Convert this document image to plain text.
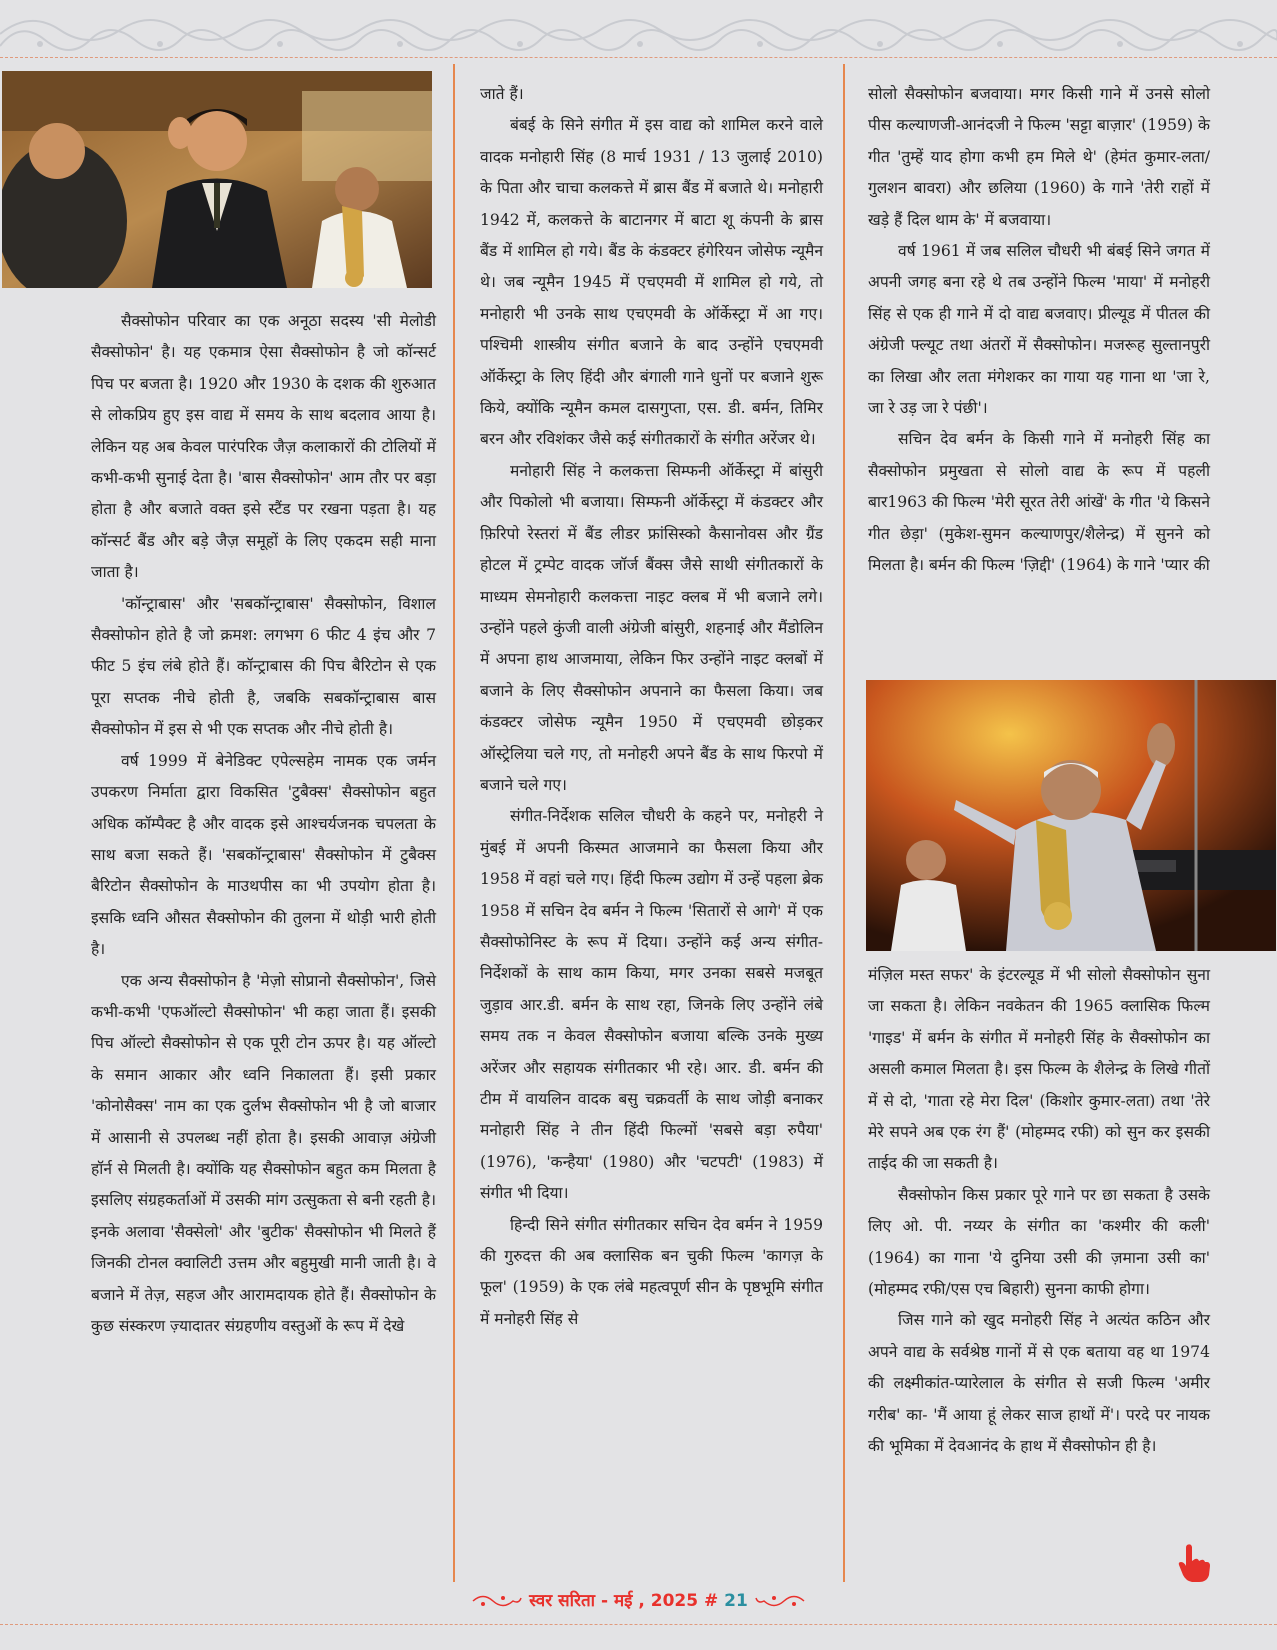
सैक्सोफोन परिवार का एक अनूठा सदस्य 'सी मेलोडी सैक्सोफोन' है। यह एकमात्र ऐसा सैक्सोफोन है जो कॉन्सर्ट पिच पर बजता है। 1920 और 1930 के दशक की शुरुआत से लोकप्रिय हुए इस वाद्य में समय के साथ बदलाव आया है। लेकिन यह अब केवल पारंपरिक जैज़ कलाकारों की टोलियों में कभी-कभी सुनाई देता है। 'बास सैक्सोफोन' आम तौर पर बड़ा होता है और बजाते वक्त इसे स्टैंड पर रखना पड़ता है। यह कॉन्सर्ट बैंड और बड़े जैज़ समूहों के लिए एकदम सही माना जाता है।

'कॉन्ट्राबास' और 'सबकॉन्ट्राबास' सैक्सोफोन, विशाल सैक्सोफोन होते है जो क्रमश: लगभग 6 फीट 4 इंच और 7 फीट 5 इंच लंबे होते हैं। कॉन्ट्राबास की पिच बैरिटोन से एक पूरा सप्तक नीचे होती है, जबकि सबकॉन्ट्राबास बास सैक्सोफोन में इस से भी एक सप्तक और नीचे होती है।

वर्ष 1999 में बेनेडिक्ट एपेल्सहेम नामक एक जर्मन उपकरण निर्माता द्वारा विकसित 'टुबैक्स' सैक्सोफोन बहुत अधिक कॉम्पैक्ट है और वादक इसे आश्चर्यजनक चपलता के साथ बजा सकते हैं। 'सबकॉन्ट्राबास' सैक्सोफोन में टुबैक्स बैरिटोन सैक्सोफोन के माउथपीस का भी उपयोग होता है। इसकि ध्वनि औसत सैक्सोफोन की तुलना में थोड़ी भारी होती है।

एक अन्य सैक्सोफोन है 'मेज़ो सोप्रानो सैक्सोफोन', जिसे कभी-कभी 'एफऑल्टो सैक्सोफोन' भी कहा जाता हैं। इसकी पिच ऑल्टो सैक्सोफोन से एक पूरी टोन ऊपर है। यह ऑल्टो के समान आकार और ध्वनि निकालता हैं। इसी प्रकार 'कोनोसैक्स' नाम का एक दुर्लभ सैक्सोफोन भी है जो बाजार में आसानी से उपलब्ध नहीं होता है। इसकी आवाज़ अंग्रेजी हॉर्न से मिलती है। क्योंकि यह सैक्सोफोन बहुत कम मिलता है इसलिए संग्रहकर्ताओं में उसकी मांग उत्सुकता से बनी रहती है। इनके अलावा 'सैक्सेलो' और 'बुटीक' सैक्सोफोन भी मिलते हैं जिनकी टोनल क्वालिटी उत्तम और बहुमुखी मानी जाती है। वे बजाने में तेज़, सहज और आरामदायक होते हैं। सैक्सोफोन के कुछ संस्करण ज़्यादातर संग्रहणीय वस्तुओं के रूप में देखे

जाते हैं।

बंबई के सिने संगीत में इस वाद्य को शामिल करने वाले वादक मनोहारी सिंह (8 मार्च 1931 / 13 जुलाई 2010) के पिता और चाचा कलकत्ते में ब्रास बैंड में बजाते थे। मनोहारी 1942 में, कलकत्ते के बाटानगर में बाटा शू कंपनी के ब्रास बैंड में शामिल हो गये। बैंड के कंडक्टर हंगेरियन जोसेफ न्यूमैन थे। जब न्यूमैन 1945 में एचएमवी में शामिल हो गये, तो मनोहारी भी उनके साथ एचएमवी के ऑर्केस्ट्रा में आ गए। पश्चिमी शास्त्रीय संगीत बजाने के बाद उन्होंने एचएमवी ऑर्केस्ट्रा के लिए हिंदी और बंगाली गाने धुनों पर बजाने शुरू किये, क्योंकि न्यूमैन कमल दासगुप्ता, एस. डी. बर्मन, तिमिर बरन और रविशंकर जैसे कई संगीतकारों के संगीत अरेंजर थे।

मनोहारी सिंह ने कलकत्ता सिम्फनी ऑर्केस्ट्रा में बांसुरी और पिकोलो भी बजाया। सिम्फनी ऑर्केस्ट्रा में कंडक्टर और फ़िरिपो रेस्तरां में बैंड लीडर फ्रांसिस्को कैसानोवस और ग्रैंड होटल में ट्रम्पेट वादक जॉर्ज बैंक्स जैसे साथी संगीतकारों के माध्यम सेमनोहारी कलकत्ता नाइट क्लब में भी बजाने लगे। उन्होंने पहले कुंजी वाली अंग्रेजी बांसुरी, शहनाई और मैंडोलिन में अपना हाथ आजमाया, लेकिन फिर उन्होंने नाइट क्लबों में बजाने के लिए सैक्सोफोन अपनाने का फैसला किया। जब कंडक्टर जोसेफ न्यूमैन 1950 में एचएमवी छोड़कर ऑस्ट्रेलिया चले गए, तो मनोहरी अपने बैंड के साथ फिरपो में बजाने चले गए।

संगीत-निर्देशक सलिल चौधरी के कहने पर, मनोहरी ने मुंबई में अपनी किस्मत आजमाने का फैसला किया और 1958 में वहां चले गए। हिंदी फिल्म उद्योग में उन्हें पहला ब्रेक 1958 में सचिन देव बर्मन ने फिल्म 'सितारों से आगे' में एक सैक्सोफोनिस्ट के रूप में दिया। उन्होंने कई अन्य संगीत-निर्देशकों के साथ काम किया, मगर उनका सबसे मजबूत जुड़ाव आर.डी. बर्मन के साथ रहा, जिनके लिए उन्होंने लंबे समय तक न केवल सैक्सोफोन बजाया बल्कि उनके मुख्य अरेंजर और सहायक संगीतकार भी रहे। आर. डी. बर्मन की टीम में वायलिन वादक बसु चक्रवर्ती के साथ जोड़ी बनाकर मनोहारी सिंह ने तीन हिंदी फिल्मों 'सबसे बड़ा रुपैया' (1976), 'कन्हैया' (1980) और 'चटपटी' (1983) में संगीत भी दिया।

हिन्दी सिने संगीत संगीतकार सचिन देव बर्मन ने 1959 की गुरुदत्त की अब क्लासिक बन चुकी फिल्म 'कागज़ के फूल' (1959) के एक लंबे महत्वपूर्ण सीन के पृष्ठभूमि संगीत में मनोहरी सिंह से

सोलो सैक्सोफोन बजवाया। मगर किसी गाने में उनसे सोलो पीस कल्याणजी-आनंदजी ने फिल्म 'सट्टा बाज़ार' (1959) के गीत 'तुम्हें याद होगा कभी हम मिले थे' (हेमंत कुमार-लता/गुलशन बावरा) और छलिया (1960) के गाने 'तेरी राहों में खड़े हैं दिल थाम के' में बजवाया।

वर्ष 1961 में जब सलिल चौधरी भी बंबई सिने जगत में अपनी जगह बना रहे थे तब उन्होंने फिल्म 'माया' में मनोहरी सिंह से एक ही गाने में दो वाद्य बजवाए। प्रील्यूड में पीतल की अंग्रेजी फ्ल्यूट तथा अंतरों में सैक्सोफोन। मजरूह सुल्तानपुरी का लिखा और लता मंगेशकर का गाया यह गाना था 'जा रे, जा रे उड़ जा रे पंछी'।

सचिन देव बर्मन के किसी गाने में मनोहरी सिंह का सैक्सोफोन प्रमुखता से सोलो वाद्य के रूप में पहली बार1963 की फिल्म 'मेरी सूरत तेरी आंखें' के गीत 'ये किसने गीत छेड़ा' (मुकेश-सुमन कल्याणपुर/शैलेन्द्र) में सुनने को मिलता है। बर्मन की फिल्म 'ज़िद्दी' (1964) के गाने 'प्यार की

मंज़िल मस्त सफर' के इंटरल्यूड में भी सोलो सैक्सोफोन सुना जा सकता है। लेकिन नवकेतन की 1965 क्लासिक फिल्म 'गाइड' में बर्मन के संगीत में मनोहरी सिंह के सैक्सोफोन का असली कमाल मिलता है। इस फिल्म के शैलेन्द्र के लिखे गीतों में से दो, 'गाता रहे मेरा दिल' (किशोर कुमार-लता) तथा 'तेरे मेरे सपने अब एक रंग हैं' (मोहम्मद रफी) को सुन कर इसकी ताईद की जा सकती है।

सैक्सोफोन किस प्रकार पूरे गाने पर छा सकता है उसके लिए ओ. पी. नय्यर के संगीत का 'कश्मीर की कली' (1964) का गाना 'ये दुनिया उसी की ज़माना उसी का' (मोहम्मद रफी/एस एच बिहारी) सुनना काफी होगा।

जिस गाने को खुद मनोहरी सिंह ने अत्यंत कठिन और अपने वाद्य के सर्वश्रेष्ठ गानों में से एक बताया वह था 1974 की लक्ष्मीकांत-प्यारेलाल के संगीत से सजी फिल्म 'अमीर गरीब' का- 'मैं आया हूं लेकर साज हाथों में'। परदे पर नायक की भूमिका में देवआनंद के हाथ में सैक्सोफोन ही है।

स्वर सरिता - मई , 2025 # 21
